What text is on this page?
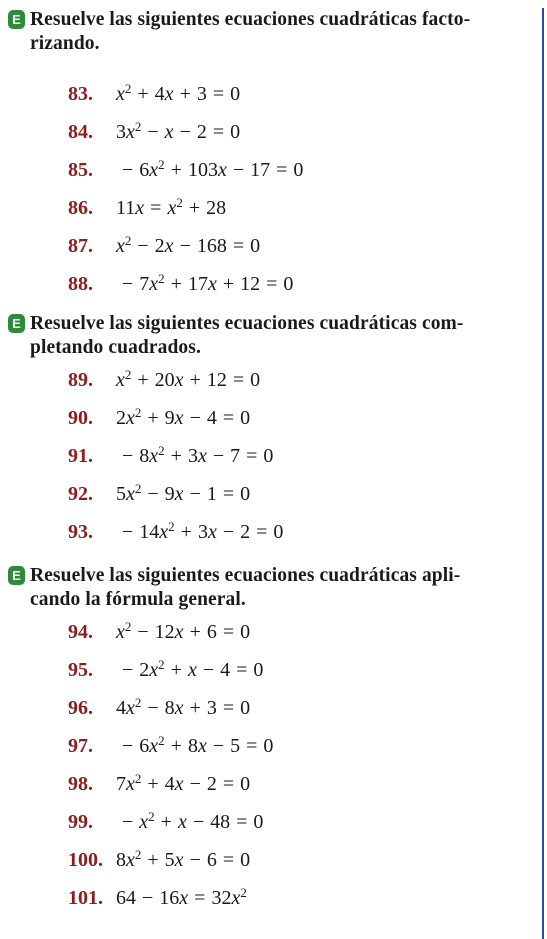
E Resuelve las siguientes ecuaciones cuadráticas facto-
rizando.
83. $x^2 + 4x + 3 = 0$
84. $3x^2 - x - 2 = 0$
85.	− $6x^2 + 103x - 17 = 0$
86. $11x = x^2 + 28$
87. $x^2 - 2x - 168 = 0$
88.	− $7x^2 + 17x + 12 = 0$
E Resuelve las siguientes ecuaciones cuadráticas com-
pletando cuadrados.
89. $x^2 + 20x + 12 = 0$
90. $2x^2 + 9x - 4 = 0$
91.	− $8x^2 + 3x - 7 = 0$
92. $5x^2 - 9x - 1 = 0$
93.	− $14x^2 + 3x - 2 = 0$
E Resuelve las siguientes ecuaciones cuadráticas apli-
cando la fórmula general.
94. $x^2 - 12x + 6 = 0$
95.	− $2x^2 + x - 4 = 0$
96. $4x^2 - 8x + 3 = 0$
97.	− $6x^2 + 8x - 5 = 0$
98. $7x^2 + 4x - 2 = 0$
99.	− $x^2 + x - 48 = 0$
100. $8x^2 + 5x - 6 = 0$
101. $64 - 16x = 32x^2$
